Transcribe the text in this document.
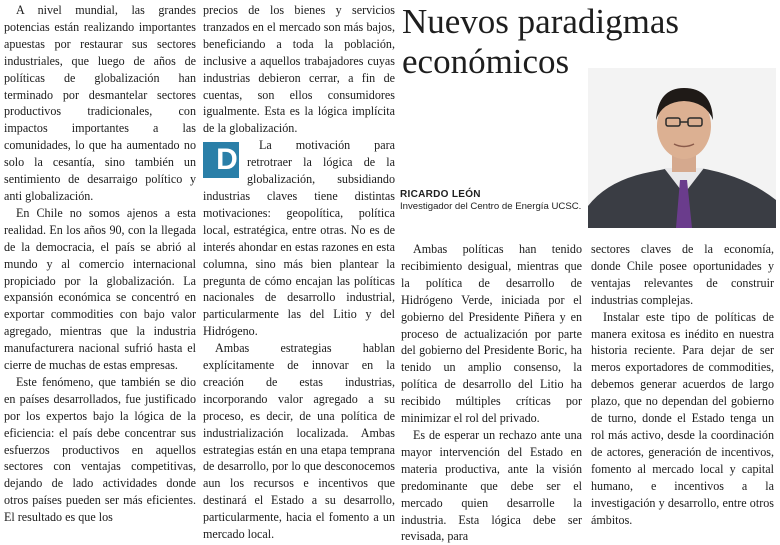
Nuevos paradigmas económicos
RICARDO LEÓN
Investigador del Centro de Energía UCSC.

A nivel mundial, las grandes potencias están realizando importantes apuestas por restaurar sus sectores industriales, que luego de años de políticas de globalización han terminado por desmantelar sectores productivos tradicionales, con impactos importantes a las comunidades, lo que ha aumentado no solo la cesantía, sino también un sentimiento de desarraigo político y anti globalización.

En Chile no somos ajenos a esta realidad. En los años 90, con la llegada de la democracia, el país se abrió al mundo y al comercio internacional propiciado por la globalización. La expansión económica se concentró en exportar commodities con bajo valor agregado, mientras que la industria manufacturera nacional sufrió hasta el cierre de muchas de estas empresas.

Este fenómeno, que también se dio en países desarrollados, fue justificado por los expertos bajo la lógica de la eficiencia: el país debe concentrar sus esfuerzos productivos en aquellos sectores con ventajas competitivas, dejando de lado actividades donde otros países pueden ser más eficientes. El resultado es que los

precios de los bienes y servicios tranzados en el mercado son más bajos, beneficiando a toda la población, inclusive a aquellos trabajadores cuyas industrias debieron cerrar, a fin de cuentas, son ellos consumidores igualmente. Esta es la lógica implícita de la globalización.

D La motivación para retrotraer la lógica de la globalización, subsidiando industrias claves tiene distintas motivaciones: geopolítica, política local, estratégica, entre otras. No es de interés ahondar en estas razones en esta columna, sino más bien plantear la pregunta de cómo encajan las políticas nacionales de desarrollo industrial, particularmente las del Litio y del Hidrógeno.

Ambas estrategias hablan explícitamente de innovar en la creación de estas industrias, incorporando valor agregado a su proceso, es decir, de una política de industrialización localizada. Ambas estrategias están en una etapa temprana de desarrollo, por lo que desconocemos aun los recursos e incentivos que destinará el Estado a su desarrollo, particularmente, hacia el fomento a un mercado local.

Ambas políticas han tenido recibimiento desigual, mientras que la política de desarrollo de Hidrógeno Verde, iniciada por el gobierno del Presidente Piñera y en proceso de actualización por parte del gobierno del Presidente Boric, ha tenido un amplio consenso, la política de desarrollo del Litio ha recibido múltiples críticas por minimizar el rol del privado.

Es de esperar un rechazo ante una mayor intervención del Estado en materia productiva, ante la visión predominante que debe ser el mercado quien desarrolle la industria. Esta lógica debe ser revisada, para

sectores claves de la economía, donde Chile posee oportunidades y ventajas relevantes de construir industrias complejas.

Instalar este tipo de políticas de manera exitosa es inédito en nuestra historia reciente. Para dejar de ser meros exportadores de commodities, debemos generar acuerdos de largo plazo, que no dependan del gobierno de turno, donde el Estado tenga un rol más activo, desde la coordinación de actores, generación de incentivos, fomento al mercado local y capital humano, e incentivos a la investigación y desarrollo, entre otros ámbitos.
